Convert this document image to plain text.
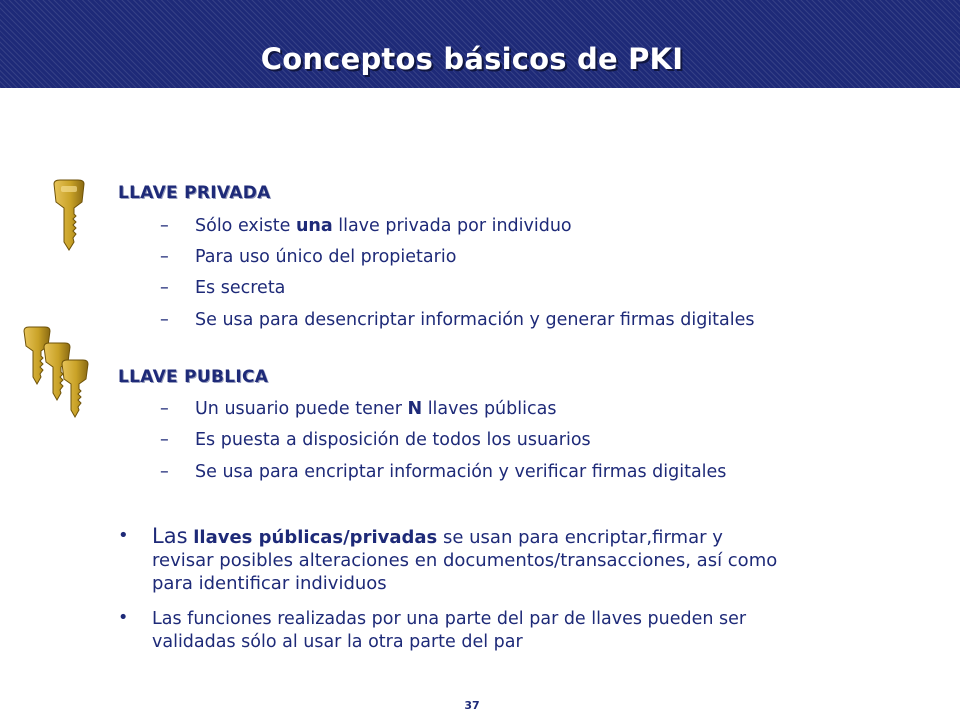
Conceptos básicos de PKI
LLAVE PRIVADA
– Sólo existe una llave privada por individuo
– Para uso único del propietario
– Es secreta
– Se usa para desencriptar información y generar firmas digitales
LLAVE PUBLICA
– Un usuario puede tener N llaves públicas
– Es puesta a disposición de todos los usuarios
– Se usa para encriptar información y verificar firmas digitales
• Las llaves públicas/privadas se usan para encriptar,firmar y
revisar posibles alteraciones en documentos/transacciones, así como
para identificar individuos
• Las funciones realizadas por una parte del par de llaves pueden ser
validadas sólo al usar la otra parte del par
37
